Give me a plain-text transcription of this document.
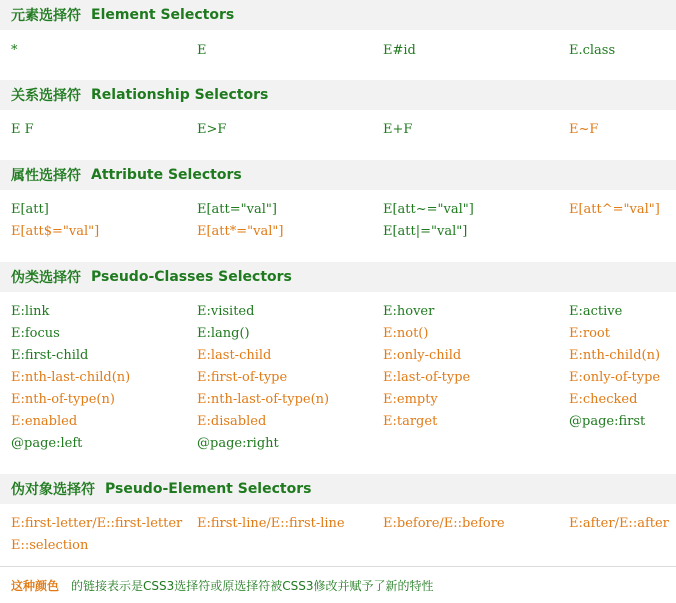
元素选择符 Element Selectors
*	E	E#id	E.class
关系选择符 Relationship Selectors
E F	E>F	E+F	E~F
属性选择符 Attribute Selectors
E[att]	E[att="val"]	E[att~="val"]	E[att^="val"]
E[att$="val"]	E[att*="val"]	E[att|="val"]
伪类选择符 Pseudo-Classes Selectors
E:link	E:visited	E:hover	E:active
E:focus	E:lang()	E:not()	E:root
E:first-child	E:last-child	E:only-child	E:nth-child(n)
E:nth-last-child(n)	E:first-of-type	E:last-of-type	E:only-of-type
E:nth-of-type(n)	E:nth-last-of-type(n)	E:empty	E:checked
E:enabled	E:disabled	E:target	@page:first
@page:left	@page:right
伪对象选择符 Pseudo-Element Selectors
E:first-letter/E::first-letter	E:first-line/E::first-line	E:before/E::before	E:after/E::after
E::selection
这种颜色 的链接表示是CSS3选择符或原选择符被CSS3修改并赋予了新的特性
